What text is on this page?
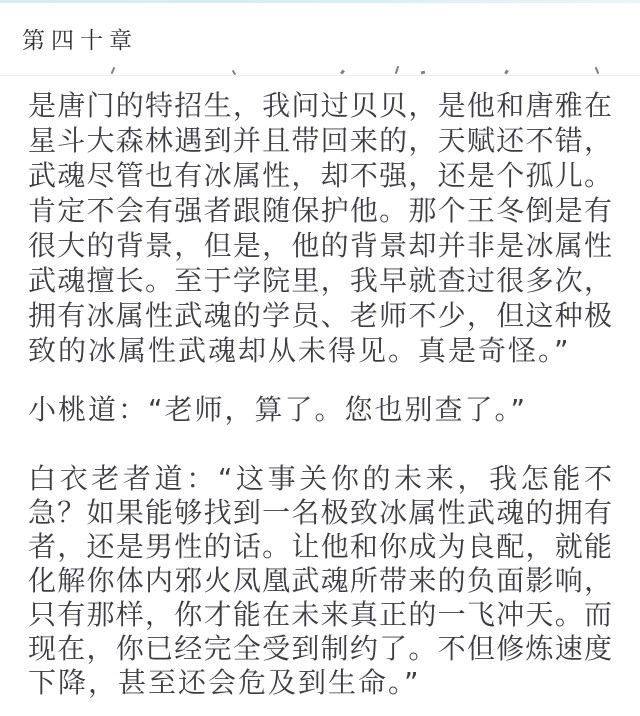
第四十章
是唐门的特招生，我问过贝贝，是他和唐雅在
星斗大森林遇到并且带回来的，天赋还不错，
武魂尽管也有冰属性，却不强，还是个孤儿。
肯定不会有强者跟随保护他。那个王冬倒是有
很大的背景，但是，他的背景却并非是冰属性
武魂擅长。至于学院里，我早就查过很多次，
拥有冰属性武魂的学员、老师不少，但这种极
致的冰属性武魂却从未得见。真是奇怪。”
小桃道：“老师，算了。您也别查了。”
白衣老者道：“这事关你的未来，我怎能不
急？如果能够找到一名极致冰属性武魂的拥有
者，还是男性的话。让他和你成为良配，就能
化解你体内邪火凤凰武魂所带来的负面影响，
只有那样，你才能在未来真正的一飞冲天。而
现在，你已经完全受到制约了。不但修炼速度
下降，甚至还会危及到生命。”
